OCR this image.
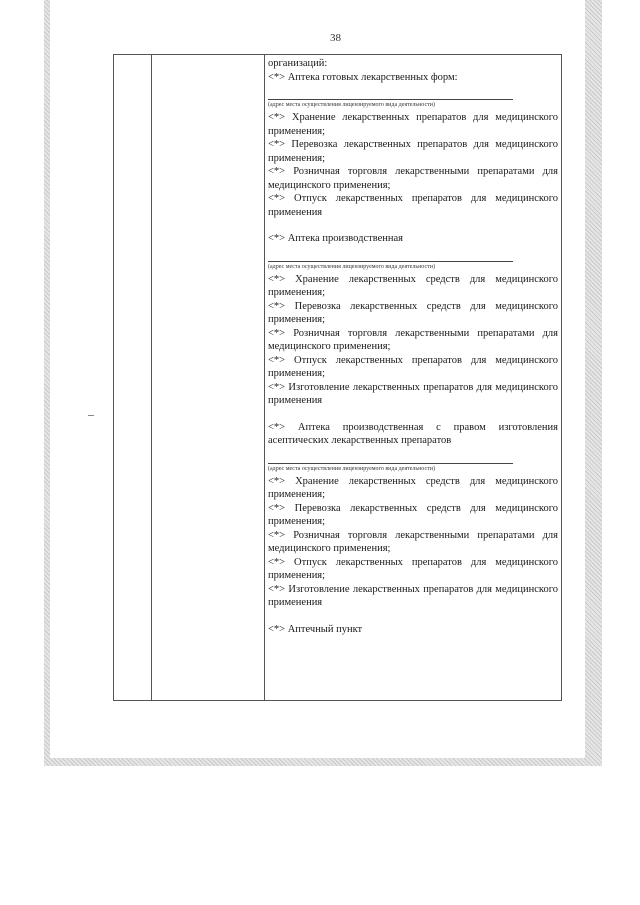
38

организаций:

<*> Аптека готовых лекарственных форм:

(адрес места осуществления лицензируемого вида деятельности)

<*> Хранение лекарственных препаратов для медицинского применения;

<*> Перевозка лекарственных препаратов для медицинского применения;

<*> Розничная торговля лекарственными препаратами для медицинского применения;

<*> Отпуск лекарственных препаратов для медицинского применения

<*> Аптека производственная

(адрес места осуществления лицензируемого вида деятельности)

<*> Хранение лекарственных средств для медицинского применения;

<*> Перевозка лекарственных средств для медицинского применения;

<*> Розничная торговля лекарственными препаратами для медицинского применения;

<*> Отпуск лекарственных препаратов для медицинского применения;

<*> Изготовление лекарственных препаратов для медицинского применения

<*> Аптека производственная с правом изготовления асептических лекарственных препаратов

(адрес места осуществления лицензируемого вида деятельности)

<*> Хранение лекарственных средств для медицинского применения;

<*> Перевозка лекарственных средств для медицинского применения;

<*> Розничная торговля лекарственными препаратами для медицинского применения;

<*> Отпуск лекарственных препаратов для медицинского применения;

<*> Изготовление лекарственных препаратов для медицинского применения

<*> Аптечный пункт
